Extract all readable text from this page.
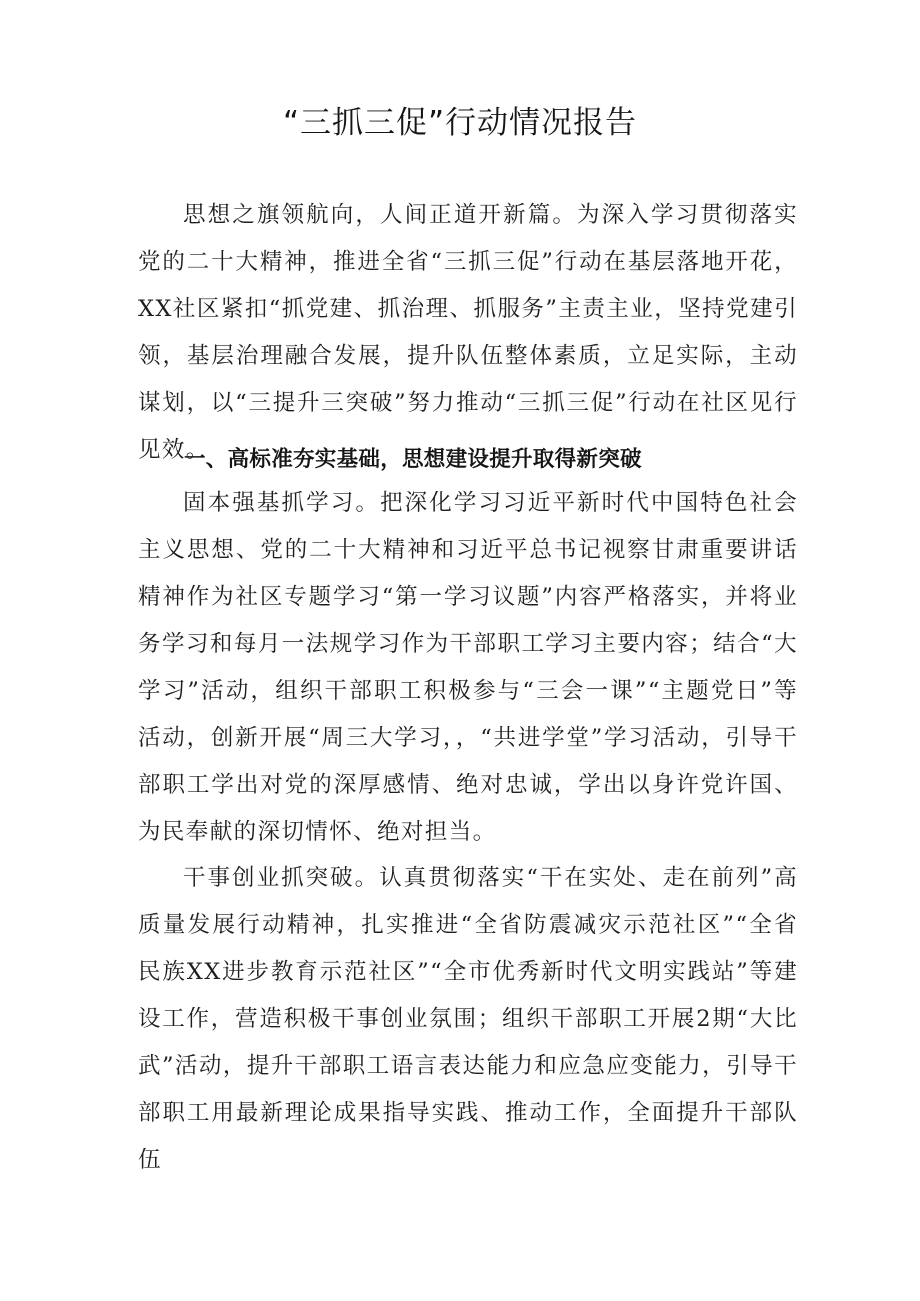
“三抓三促”行动情况报告

思想之旗领航向，人间正道开新篇。为深入学习贯彻落实党的二十大精神，推进全省“三抓三促”行动在基层落地开花，XX社区紧扣“抓党建、抓治理、抓服务”主责主业，坚持党建引领，基层治理融合发展，提升队伍整体素质，立足实际，主动谋划，以“三提升三突破”努力推动“三抓三促”行动在社区见行见效。

一、高标准夯实基础，思想建设提升取得新突破

固本强基抓学习。把深化学习习近平新时代中国特色社会主义思想、党的二十大精神和习近平总书记视察甘肃重要讲话精神作为社区专题学习“第一学习议题”内容严格落实，并将业务学习和每月一法规学习作为干部职工学习主要内容；结合“大学习”活动，组织干部职工积极参与“三会一课”“主题党日”等活动，创新开展“周三大学习，，“共进学堂”学习活动，引导干部职工学出对党的深厚感情、绝对忠诚，学出以身许党许国、为民奉献的深切情怀、绝对担当。

干事创业抓突破。认真贯彻落实“干在实处、走在前列”高质量发展行动精神，扎实推进“全省防震减灾示范社区”“全省民族XX进步教育示范社区”“全市优秀新时代文明实践站”等建设工作，营造积极干事创业氛围；组织干部职工开展2期“大比武”活动，提升干部职工语言表达能力和应急应变能力，引导干部职工用最新理论成果指导实践、推动工作，全面提升干部队伍
